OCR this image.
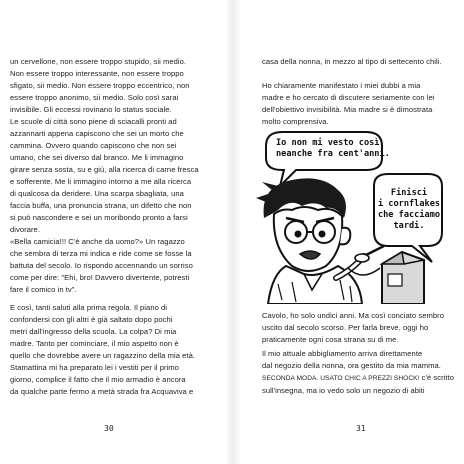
un cervellone, non essere troppo stupido, sii medio.
Non essere troppo interessante, non essere troppo
sfigato, sii medio. Non essere troppo eccentrico, non
essere troppo anonimo, sii medio. Solo così sarai
invisibile. Gli eccessi rovinano lo status sociale.
Le scuole di città sono piene di sciacalli pronti ad
azzannarti appena capiscono che sei un morto che
cammina. Ovvero quando capiscono che non sei
umano, che sei diverso dal branco. Me li immagino
girare senza sosta, su e giù, alla ricerca di carne fresca
e sofferente. Me li immagino intorno a me alla ricerca
di qualcosa da deridere. Una scarpa sbagliata, una
faccia buffa, una pronuncia strana, un difetto che non
si può nascondere e sei un moribondo pronto a farsi
divorare.

«Bella camicia!!! C'è anche da uomo?» Un ragazzo
che sembra di terza mi indica e ride come se fosse la
battuta del secolo. Io rispondo accennando un sorriso
come per dire: "Ehi, bro! Davvero divertente, potresti
fare il comico in tv".

E così, tanti saluti alla prima regola. Il piano di
confondersi con gli altri è già saltato dopo pochi
metri dall'ingresso della scuola. La colpa? Di mia
madre. Tanto per cominciare, il mio aspetto non è
quello che dovrebbe avere un ragazzino della mia età.
Stamattina mi ha preparato lei i vestiti per il primo
giorno, complice il fatto che il mio armadio è ancora
da qualche parte fermo a metà strada fra Acquaviva e

30

casa della nonna, in mezzo al tipo di settecento chili.

Ho chiaramente manifestato i miei dubbi a mia
madre e ho cercato di discutere seriamente con lei
dell'obiettivo invisibilità. Mia madre si è dimostrata
molto comprensiva.

Io non mi vesto così
neanche fra cent'anni.
Finisci
i cornflakes
che facciamo
tardi.

Cavolo, ho solo undici anni. Ma così conciato sembro
uscito dal secolo scorso. Per farla breve, oggi ho
praticamente ogni cosa strana su di me.

Il mio attuale abbigliamento arriva direttamente
dal negozio della nonna, ora gestito da mia mamma.
SECONDA MODA. USATO CHIC A PREZZI SHOCK! c'è scritto
sull'insegna, ma io vedo solo un negozio di abiti

31
